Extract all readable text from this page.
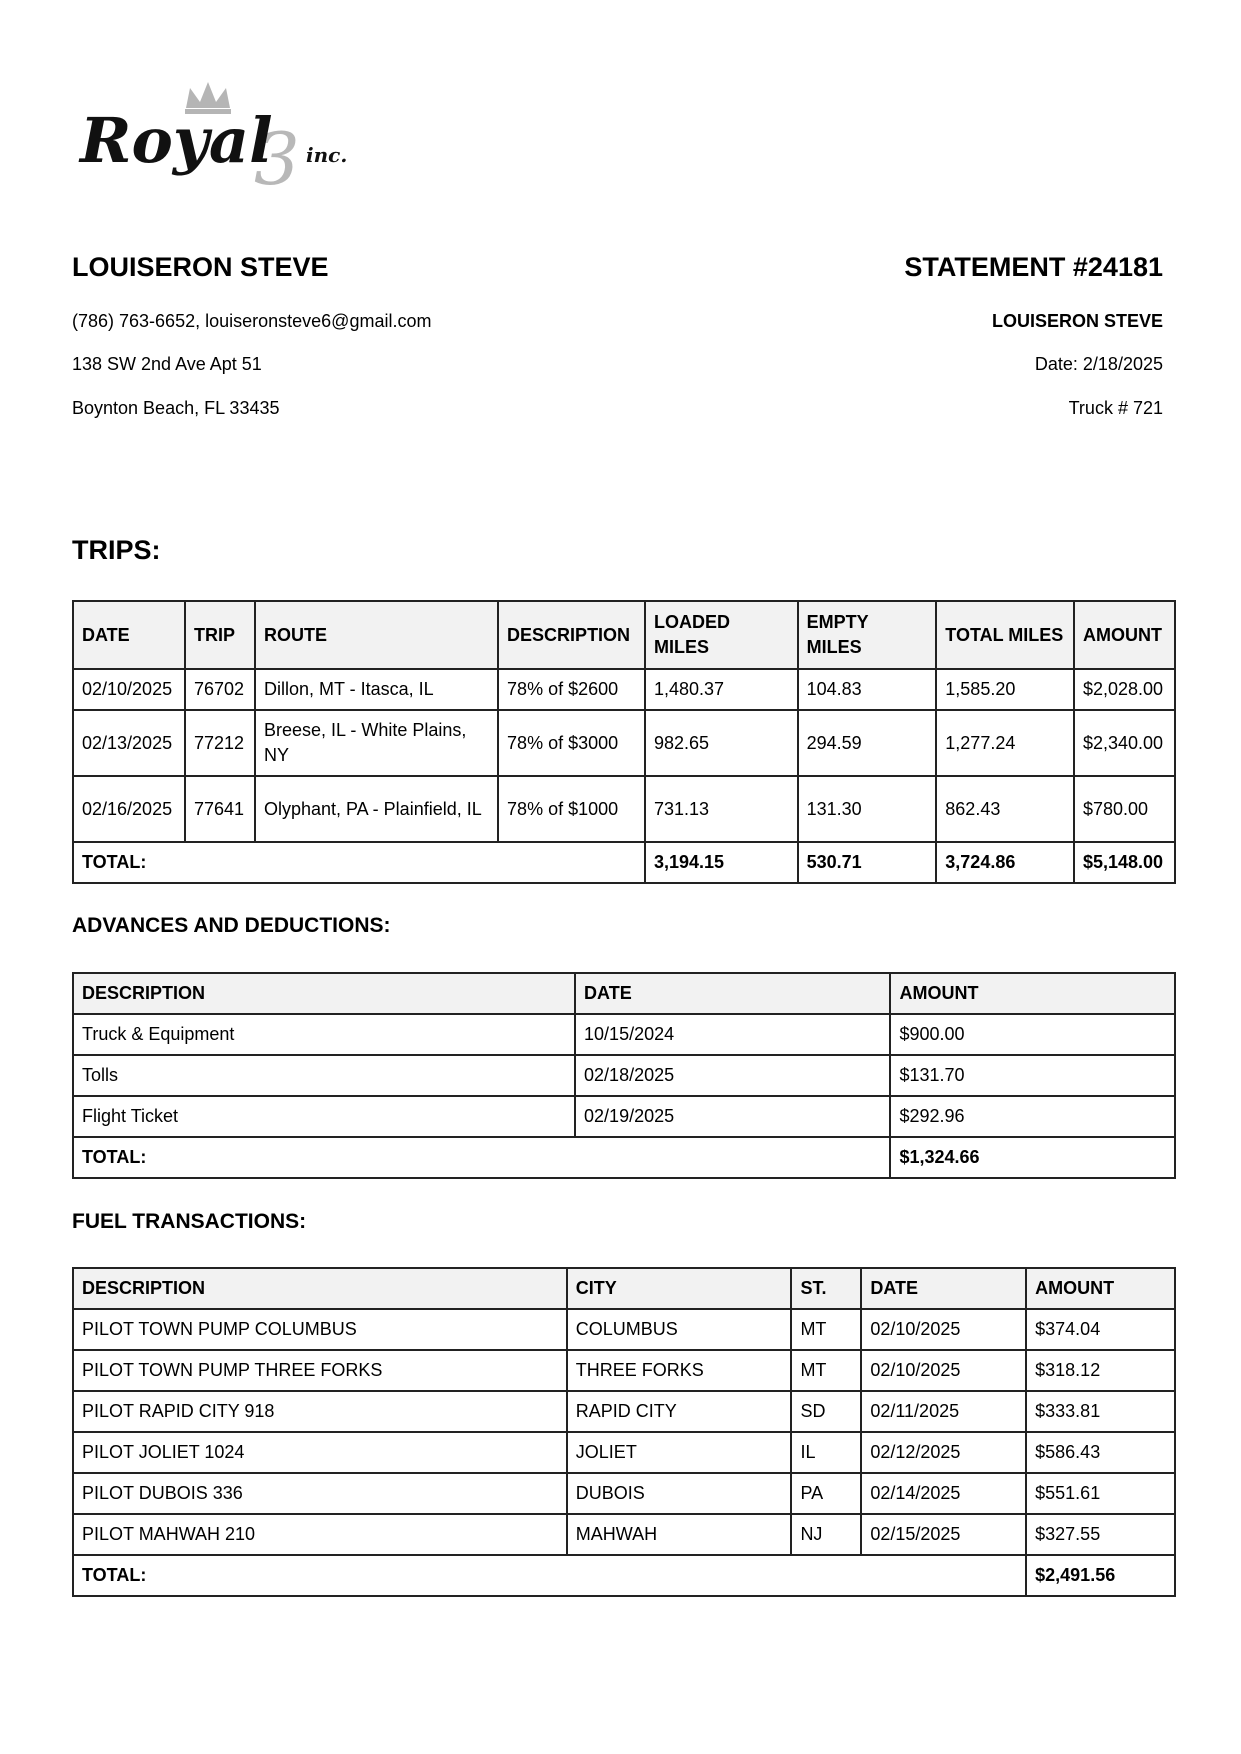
3
Royal inc.
LOUISERON STEVE
(786) 763-6652, louiseronsteve6@gmail.com
138 SW 2nd Ave Apt 51
Boynton Beach, FL 33435
STATEMENT #24181
LOUISERON STEVE
Date: 2/18/2025
Truck # 721
TRIPS:
DATE	TRIP	ROUTE	DESCRIPTION	LOADED MILES	EMPTY MILES	TOTAL MILES	AMOUNT
02/10/2025	76702	Dillon, MT - Itasca, IL	78% of $2600	1,480.37	104.83	1,585.20	$2,028.00
02/13/2025	77212	Breese, IL - White Plains, NY	78% of $3000	982.65	294.59	1,277.24	$2,340.00
02/16/2025	77641	Olyphant, PA - Plainfield, IL	78% of $1000	731.13	131.30	862.43	$780.00
TOTAL:				3,194.15	530.71	3,724.86	$5,148.00
ADVANCES AND DEDUCTIONS:
DESCRIPTION	DATE	AMOUNT
Truck & Equipment	10/15/2024	$900.00
Tolls	02/18/2025	$131.70
Flight Ticket	02/19/2025	$292.96
TOTAL:		$1,324.66
FUEL TRANSACTIONS:
DESCRIPTION	CITY	ST.	DATE	AMOUNT
PILOT TOWN PUMP COLUMBUS	COLUMBUS	MT	02/10/2025	$374.04
PILOT TOWN PUMP THREE FORKS	THREE FORKS	MT	02/10/2025	$318.12
PILOT RAPID CITY 918	RAPID CITY	SD	02/11/2025	$333.81
PILOT JOLIET 1024	JOLIET	IL	02/12/2025	$586.43
PILOT DUBOIS 336	DUBOIS	PA	02/14/2025	$551.61
PILOT MAHWAH 210	MAHWAH	NJ	02/15/2025	$327.55
TOTAL:				$2,491.56
